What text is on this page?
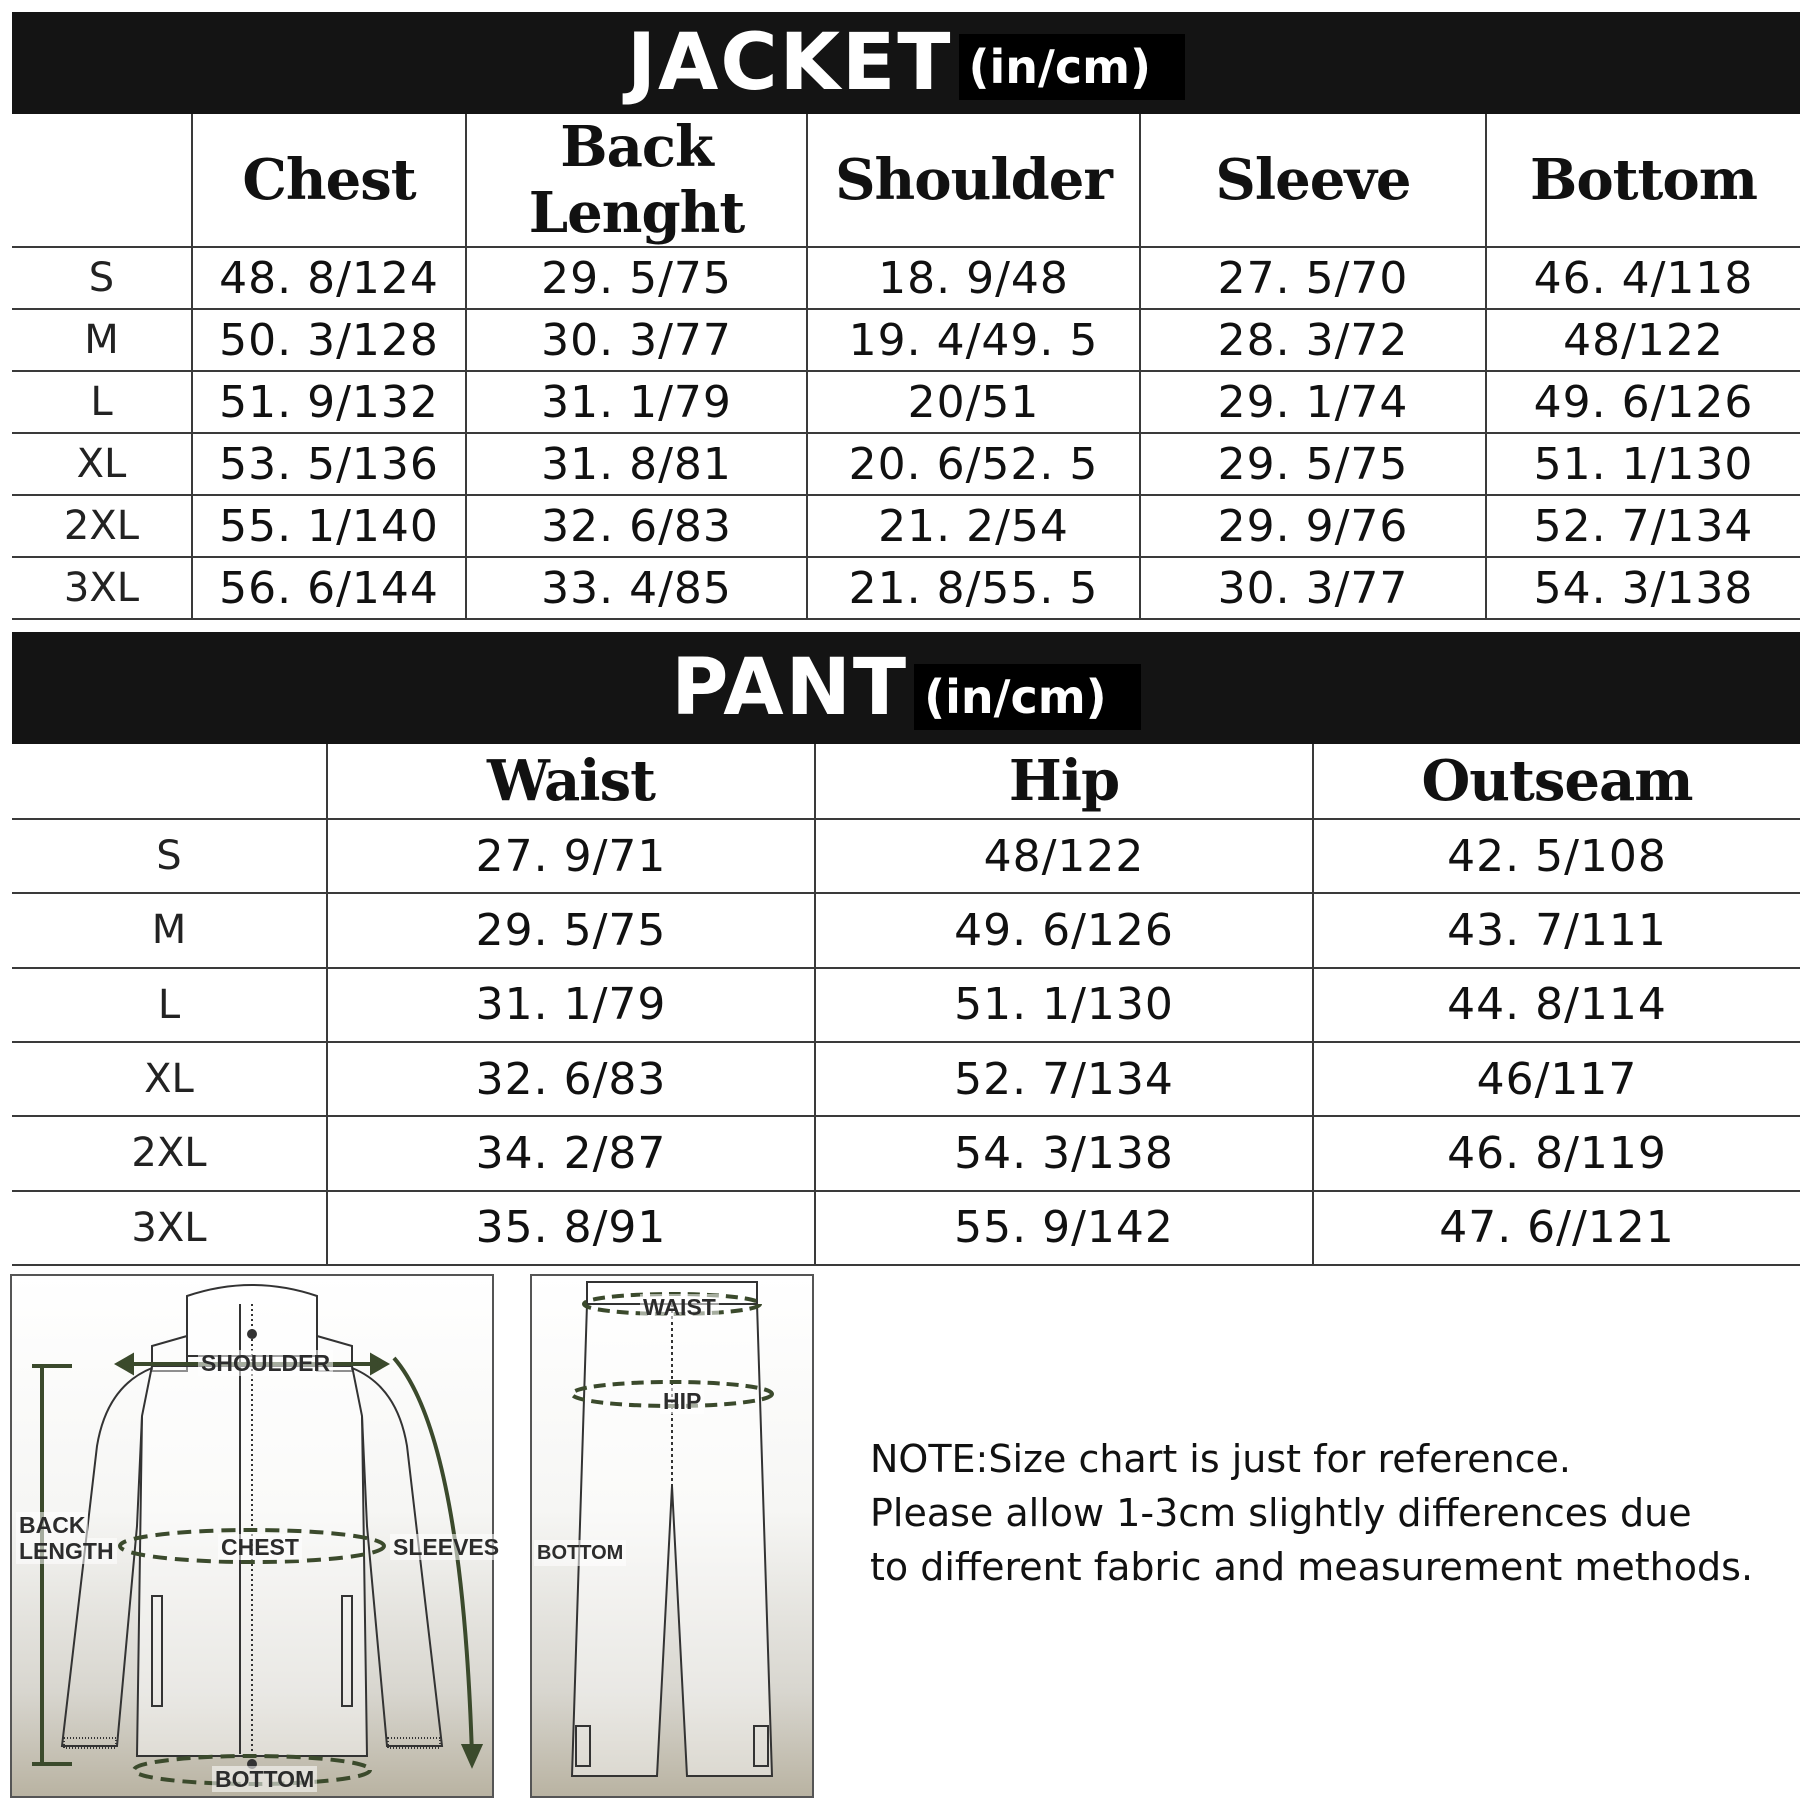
JACKET (in/cm)
	Chest	Back Lenght	Shoulder	Sleeve	Bottom
S	48. 8/124	29. 5/75	18. 9/48	27. 5/70	46. 4/118
M	50. 3/128	30. 3/77	19. 4/49. 5	28. 3/72	48/122
L	51. 9/132	31. 1/79	20/51	29. 1/74	49. 6/126
XL	53. 5/136	31. 8/81	20. 6/52. 5	29. 5/75	51. 1/130
2XL	55. 1/140	32. 6/83	21. 2/54	29. 9/76	52. 7/134
3XL	56. 6/144	33. 4/85	21. 8/55. 5	30. 3/77	54. 3/138
PANT (in/cm)
	Waist	Hip	Outseam
S	27. 9/71	48/122	42. 5/108
M	29. 5/75	49. 6/126	43. 7/111
L	31. 1/79	51. 1/130	44. 8/114
XL	32. 6/83	52. 7/134	46/117
2XL	34. 2/87	54. 3/138	46. 8/119
3XL	35. 8/91	55. 9/142	47. 6//121
SHOULDER
BACK
LENGTH	CHEST	SLEEVES
BOTTOM
WAIST
HIP
BOTTOM
NOTE:Size chart is just for reference.
Please allow 1-3cm slightly differences due
to different fabric and measurement methods.
